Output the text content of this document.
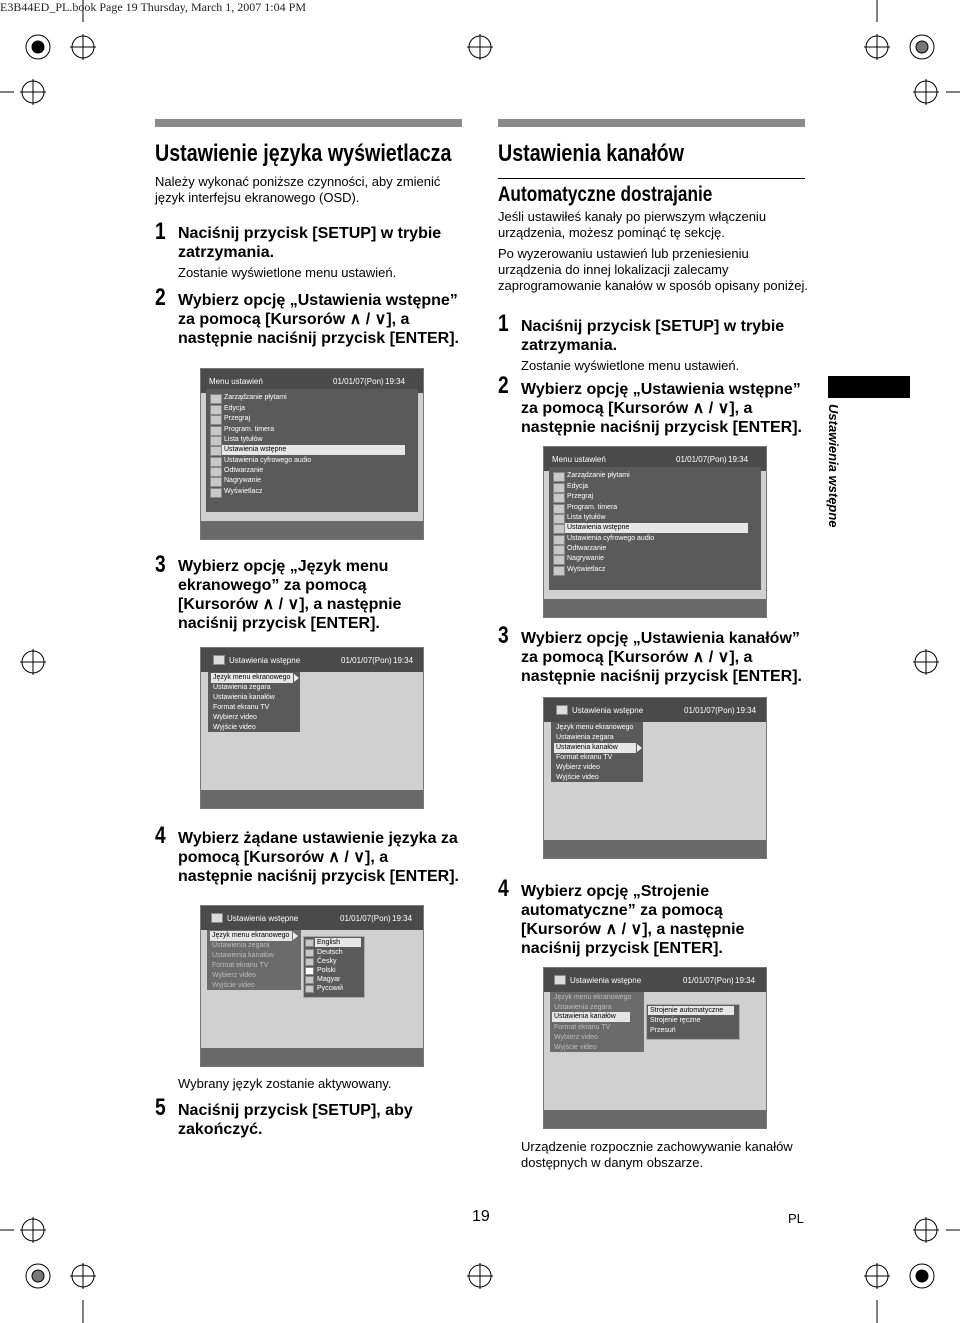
E3B44ED_PL.book Page 19 Thursday, March 1, 2007 1:04 PM
Ustawienie języka wyświetlacza
Należy wykonać poniższe czynności, aby zmienić
język interfejsu ekranowego (OSD).
1 Naciśnij przycisk [SETUP] w trybie
zatrzymania.
Zostanie wyświetlone menu ustawień.
2 Wybierz opcję „Ustawienia wstępne”
za pomocą [Kursorów ∧ / ∨], a
następnie naciśnij przycisk [ENTER].
Menu ustawień	01/01/07(Pon) 19:34
Zarządzanie płytami
Edycja
Przegraj
Program. timera
Lista tytułów
Ustawienia wstępne
Ustawienia cyfrowego audio
Odtwarzanie
Nagrywanie
Wyświetlacz
3 Wybierz opcję „Język menu
ekranowego” za pomocą
[Kursorów ∧ / ∨], a następnie
naciśnij przycisk [ENTER].
Ustawienia wstępne	01/01/07(Pon) 19:34
Język menu ekranowego
Ustawienia zegara
Ustawienia kanałów
Format ekranu TV
Wybierz video
Wyjście video
4 Wybierz żądane ustawienie języka za
pomocą [Kursorów ∧ / ∨], a
następnie naciśnij przycisk [ENTER].
Ustawienia wstępne	01/01/07(Pon) 19:34
Język menu ekranowego
Ustawienia zegara
Ustawienia kanałów
Format ekranu TV
Wybierz video
Wyjście video
English
Deutsch
Česky
Polski
Magyar
Русский
Wybrany język zostanie aktywowany.
5 Naciśnij przycisk [SETUP], aby
zakończyć.
Ustawienia kanałów
Automatyczne dostrajanie
Jeśli ustawiłeś kanały po pierwszym włączeniu
urządzenia, możesz pominąć tę sekcję.
Po wyzerowaniu ustawień lub przeniesieniu
urządzenia do innej lokalizacji zalecamy
zaprogramowanie kanałów w sposób opisany poniżej.
1 Naciśnij przycisk [SETUP] w trybie
zatrzymania.
Zostanie wyświetlone menu ustawień.
2 Wybierz opcję „Ustawienia wstępne”
za pomocą [Kursorów ∧ / ∨], a
następnie naciśnij przycisk [ENTER].
Menu ustawień	01/01/07(Pon) 19:34
Zarządzanie płytami
Edycja
Przegraj
Program. timera
Lista tytułów
Ustawienia wstępne
Ustawienia cyfrowego audio
Odtwarzanie
Nagrywanie
Wyświetlacz
3 Wybierz opcję „Ustawienia kanałów”
za pomocą [Kursorów ∧ / ∨], a
następnie naciśnij przycisk [ENTER].
Ustawienia wstępne	01/01/07(Pon) 19:34
Język menu ekranowego
Ustawienia zegara
Ustawienia kanałów
Format ekranu TV
Wybierz video
Wyjście video
4 Wybierz opcję „Strojenie
automatyczne” za pomocą
[Kursorów ∧ / ∨], a następnie
naciśnij przycisk [ENTER].
Ustawienia wstępne	01/01/07(Pon) 19:34
Język menu ekranowego
Ustawienia zegara
Ustawienia kanałów
Format ekranu TV
Wybierz video
Wyjście video
Strojenie automatyczne
Strojenie ręczne
Przesuń
Urządzenie rozpocznie zachowywanie kanałów
dostępnych w danym obszarze.
Ustawienia wstępne
19	PL
